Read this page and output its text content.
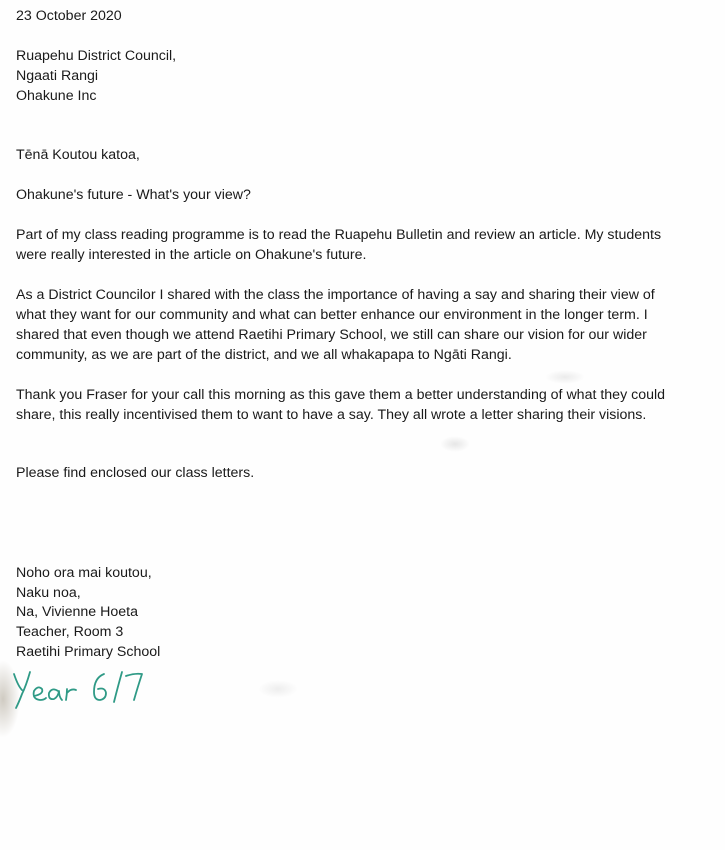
23 October 2020

Ruapehu District Council,

Ngaati Rangi

Ohakune Inc

Tēnā Koutou katoa,

Ohakune's future - What's your view?

Part of my class reading programme is to read the Ruapehu Bulletin and review an article. My students
were really interested in the article on Ohakune's future.
As a District Councilor I shared with the class the importance of having a say and sharing their view of
what they want for our community and what can better enhance our environment in the longer term. I
shared that even though we attend Raetihi Primary School, we still can share our vision for our wider
community, as we are part of the district, and we all whakapapa to Ngāti Rangi.
Thank you Fraser for your call this morning as this gave them a better understanding of what they could
share, this really incentivised them to want to have a say. They all wrote a letter sharing their visions.

Please find enclosed our class letters.

Noho ora mai koutou,

Naku noa,

Na, Vivienne Hoeta

Teacher, Room 3

Raetihi Primary School
